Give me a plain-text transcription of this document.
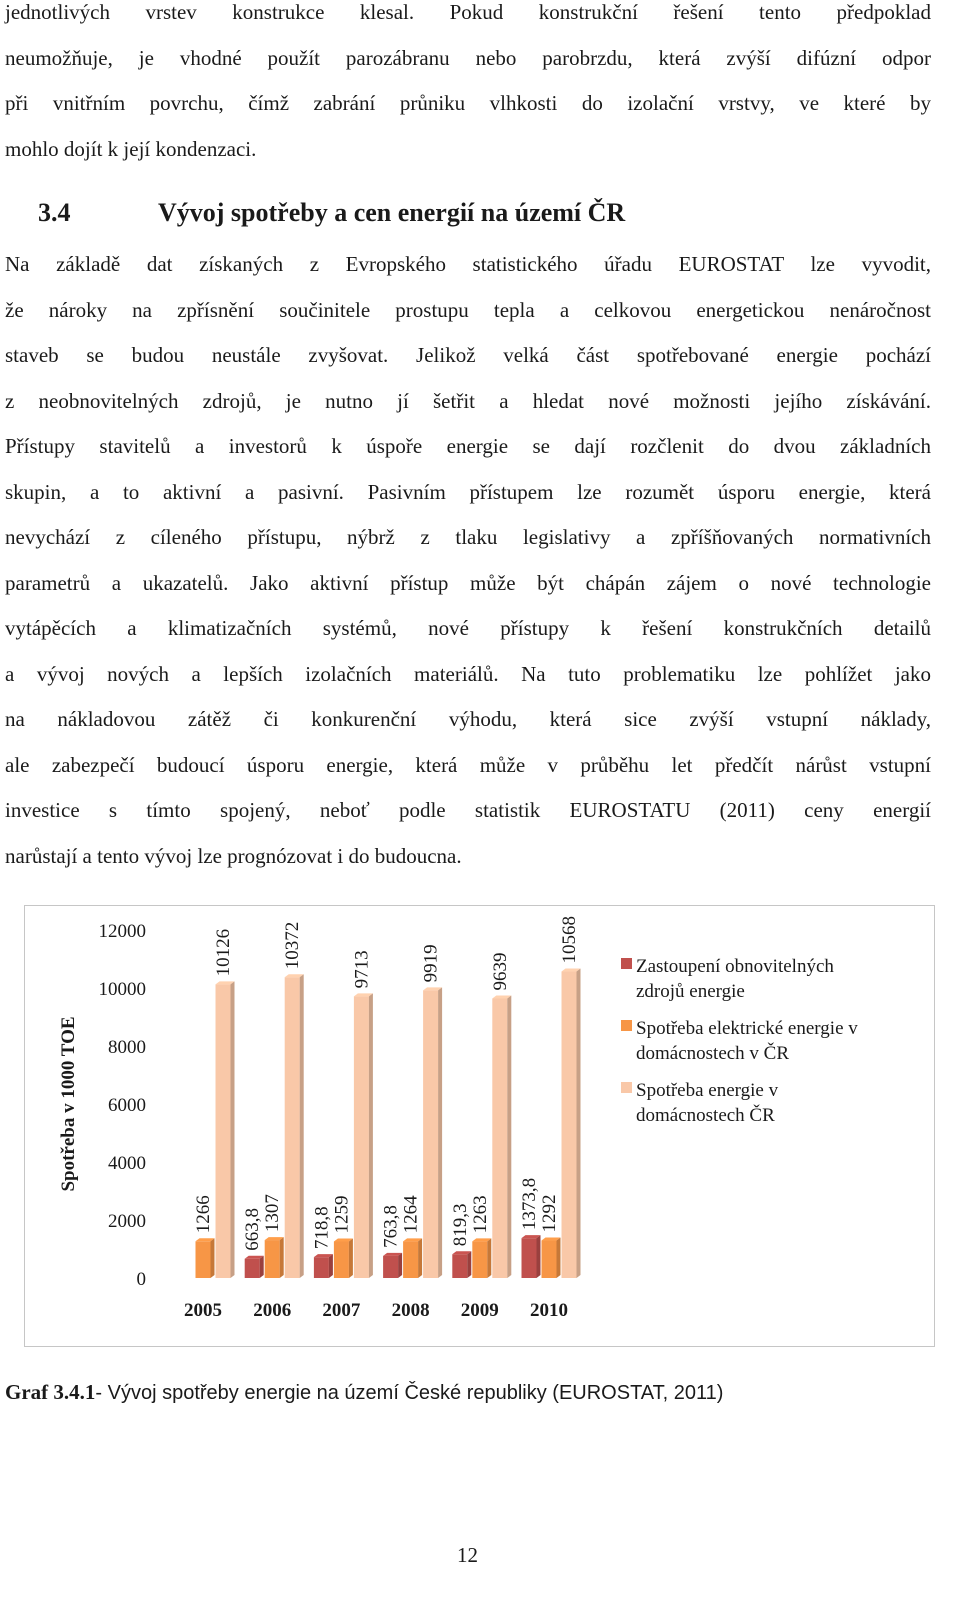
jednotlivých vrstev konstrukce klesal. Pokud konstrukční řešení tento předpoklad
neumožňuje, je vhodné použít parozábranu nebo parobrzdu, která zvýší difúzní odpor
při vnitřním povrchu, čímž zabrání průniku vlhkosti do izolační vrstvy, ve které by
mohlo dojít k její kondenzaci.
3.4	Vývoj spotřeby a cen energií na území ČR
Na základě dat získaných z Evropského statistického úřadu EUROSTAT lze vyvodit,
že nároky na zpřísnění součinitele prostupu tepla a celkovou energetickou nenáročnost
staveb se budou neustále zvyšovat. Jelikož velká část spotřebované energie pochází
z neobnovitelných zdrojů, je nutno jí šetřit a hledat nové možnosti jejího získávání.
Přístupy stavitelů a investorů k úspoře energie se dají rozčlenit do dvou základních
skupin, a to aktivní a pasivní. Pasivním přístupem lze rozumět úsporu energie, která
nevychází z cíleného přístupu, nýbrž z tlaku legislativy a zpříšňovaných normativních
parametrů a ukazatelů. Jako aktivní přístup může být chápán zájem o nové technologie
vytápěcích a klimatizačních systémů, nové přístupy k řešení konstrukčních detailů
a vývoj nových a lepších izolačních materiálů. Na tuto problematiku lze pohlížet jako
na nákladovou zátěž či konkurenční výhodu, která sice zvýší vstupní náklady,
ale zabezpečí budoucí úsporu energie, která může v průběhu let předčít nárůst vstupní
investice s tímto spojený, neboť podle statistik EUROSTATU (2011) ceny energií
narůstají a tento vývoj lze prognózovat i do budoucna.
Spotřeba v 1000 TOE
0
2000
4000
6000
8000
10000
12000
1266
10126
2005
663,8 1307
10372
2006
718,8 1259
9713
2007
763,8 1264
9919
2008
819,3 1263
9639
2009
1373,8 1292
10568
2010
Zastoupení obnovitelných
zdrojů energie
Spotřeba elektrické energie v
domácnostech v ČR
Spotřeba energie v
domácnostech ČR
Graf 3.4.1- Vývoj spotřeby energie na území České republiky (EUROSTAT, 2011)
12
